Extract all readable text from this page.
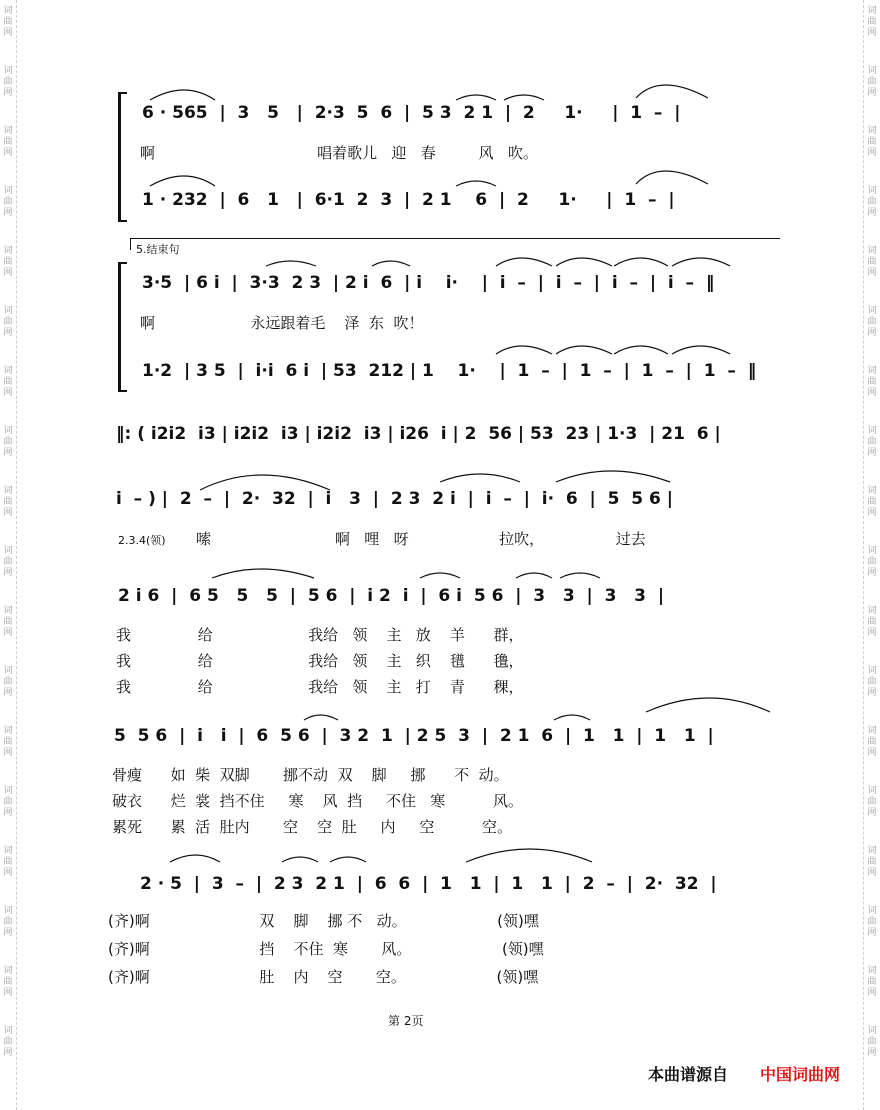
词
曲
网
词
曲
网
词
曲
网
词
曲
网
词
曲
网
词
曲
网
词
曲
网
词
曲
网
词
曲
网
词
曲
网
词
曲
网
词
曲
网
词
曲
网
词
曲
网
词
曲
网
词
曲
网
词
曲
网
词
曲
网
词
曲
网
词
曲
网
词
曲
网
词
曲
网
词
曲
网
词
曲
网
词
曲
网
词
曲
网
词
曲
网
词
曲
网
词
曲
网
词
曲
网
词
曲
网
词
曲
网
词
曲
网
词
曲
网
词
曲
网
词
曲
网
6 · 565  |  3   5   |  2·3  5  6  |  5 3  2 1  |  2     1·     |  1  –  |
啊                                  唱着歌儿   迎   春         风   吹。
1 · 232  |  6   1   |  6·1  2  3  |  2 1    6  |  2     1·     |  1  –  |
5.结束句
3·5  | 6 i  |  3·3  2 3  | 2 i  6  | i    i·    |  i  –  |  i  –  |  i  –  |  i  –  ‖
啊                    永远跟着毛    泽  东  吹！
1·2  | 3 5  |  i·i  6 i  | 53  212 | 1    1·    |  1  –  |  1  –  |  1  –  |  1  –  ‖
‖: ( i2i2  i3 | i2i2  i3 | i2i2  i3 | i26  i | 2  56 | 53  23 | 1·3  | 21  6 |
i  – ) |  2  –  |  2·  32  |  i   3  |  2 3  2 i  |  i  –  |  i·  6  |  5  5 6 |
2.3.4(领) 嗦                          啊   哩   呀                   拉吹，               过去
2 i 6  |  6 5   5   5  |  5 6  |  i 2  i  |  6 i  5 6  |  3   3  |  3   3  |
我              给                    我给   领    主   放    羊      群，
我              给                    我给   领    主   织    氆      氇，
我              给                    我给   领    主   打    青      稞，
5  5 6  |  i   i  |  6  5 6  |  3 2  1  | 2 5  3  |  2 1  6  |  1   1  |  1   1  |
骨瘦      如  柴  双脚       挪不动  双    脚     挪      不  动。
破衣      烂  裳  挡不住     寒    风  挡     不住   寒          风。
累死      累  活  肚内       空    空  肚     内     空          空。
2 · 5  |  3  –  |  2 3  2 1  |  6  6  |  1   1  |  1   1  |  2  –  |  2·  32  |
(齐)啊                       双    脚    挪 不   动。                   (领)嘿
(齐)啊                       挡    不住  寒       风。                   (领)嘿
(齐)啊                       肚    内    空       空。                   (领)嘿
第 2页
本曲谱源自 中国词曲网
